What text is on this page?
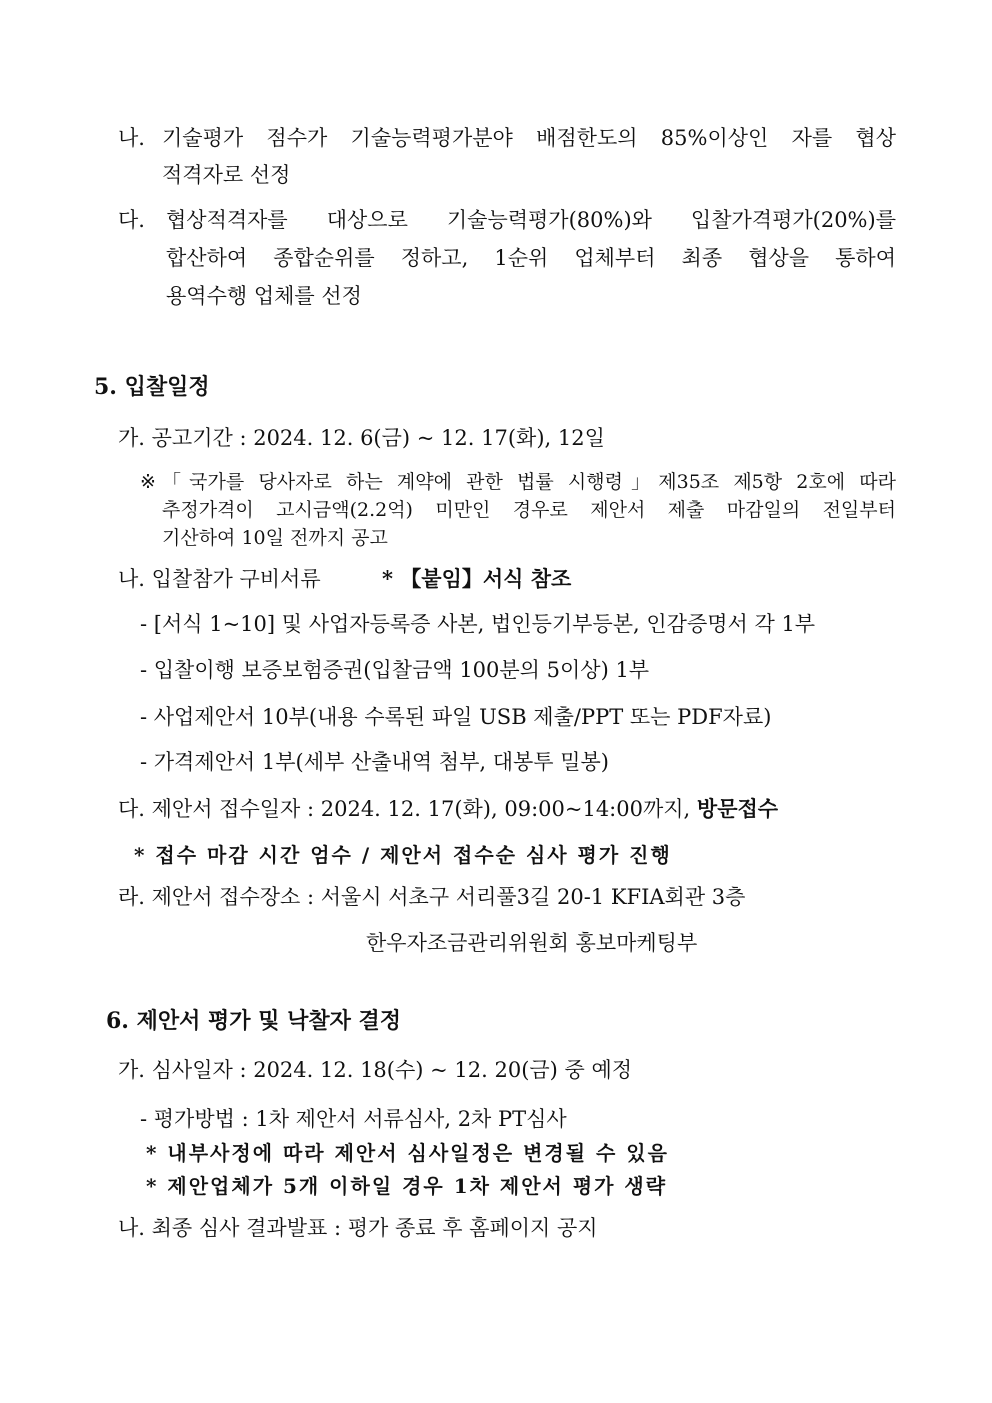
나. 기술평가 점수가 기술능력평가분야 배점한도의 85%이상인 자를 협상
적격자로 선정
다. 협상적격자를 대상으로 기술능력평가(80%)와 입찰가격평가(20%)를
합산하여 종합순위를 정하고, 1순위 업체부터 최종 협상을 통하여
용역수행 업체를 선정
5. 입찰일정
가. 공고기간 : 2024. 12. 6(금) ~ 12. 17(화), 12일
※ 「국가를 당사자로 하는 계약에 관한 법률 시행령」제35조 제5항 2호에 따라
추정가격이 고시금액(2.2억) 미만인 경우로 제안서 제출 마감일의 전일부터
기산하여 10일 전까지 공고
나. 입찰참가 구비서류	* 【붙임】서식 참조
- [서식 1~10] 및 사업자등록증 사본, 법인등기부등본, 인감증명서 각 1부
- 입찰이행 보증보험증권(입찰금액 100분의 5이상) 1부
- 사업제안서 10부(내용 수록된 파일 USB 제출/PPT 또는 PDF자료)
- 가격제안서 1부(세부 산출내역 첨부, 대봉투 밀봉)
다. 제안서 접수일자 : 2024. 12. 17(화), 09:00~14:00까지, 방문접수
* 접수 마감 시간 엄수 / 제안서 접수순 심사 평가 진행
라. 제안서 접수장소 : 서울시 서초구 서리풀3길 20-1 KFIA회관 3층
한우자조금관리위원회 홍보마케팅부
6. 제안서 평가 및 낙찰자 결정
가. 심사일자 : 2024. 12. 18(수) ~ 12. 20(금) 중 예정
- 평가방법 : 1차 제안서 서류심사, 2차 PT심사
* 내부사정에 따라 제안서 심사일정은 변경될 수 있음
* 제안업체가 5개 이하일 경우 1차 제안서 평가 생략
나. 최종 심사 결과발표 : 평가 종료 후 홈페이지 공지
